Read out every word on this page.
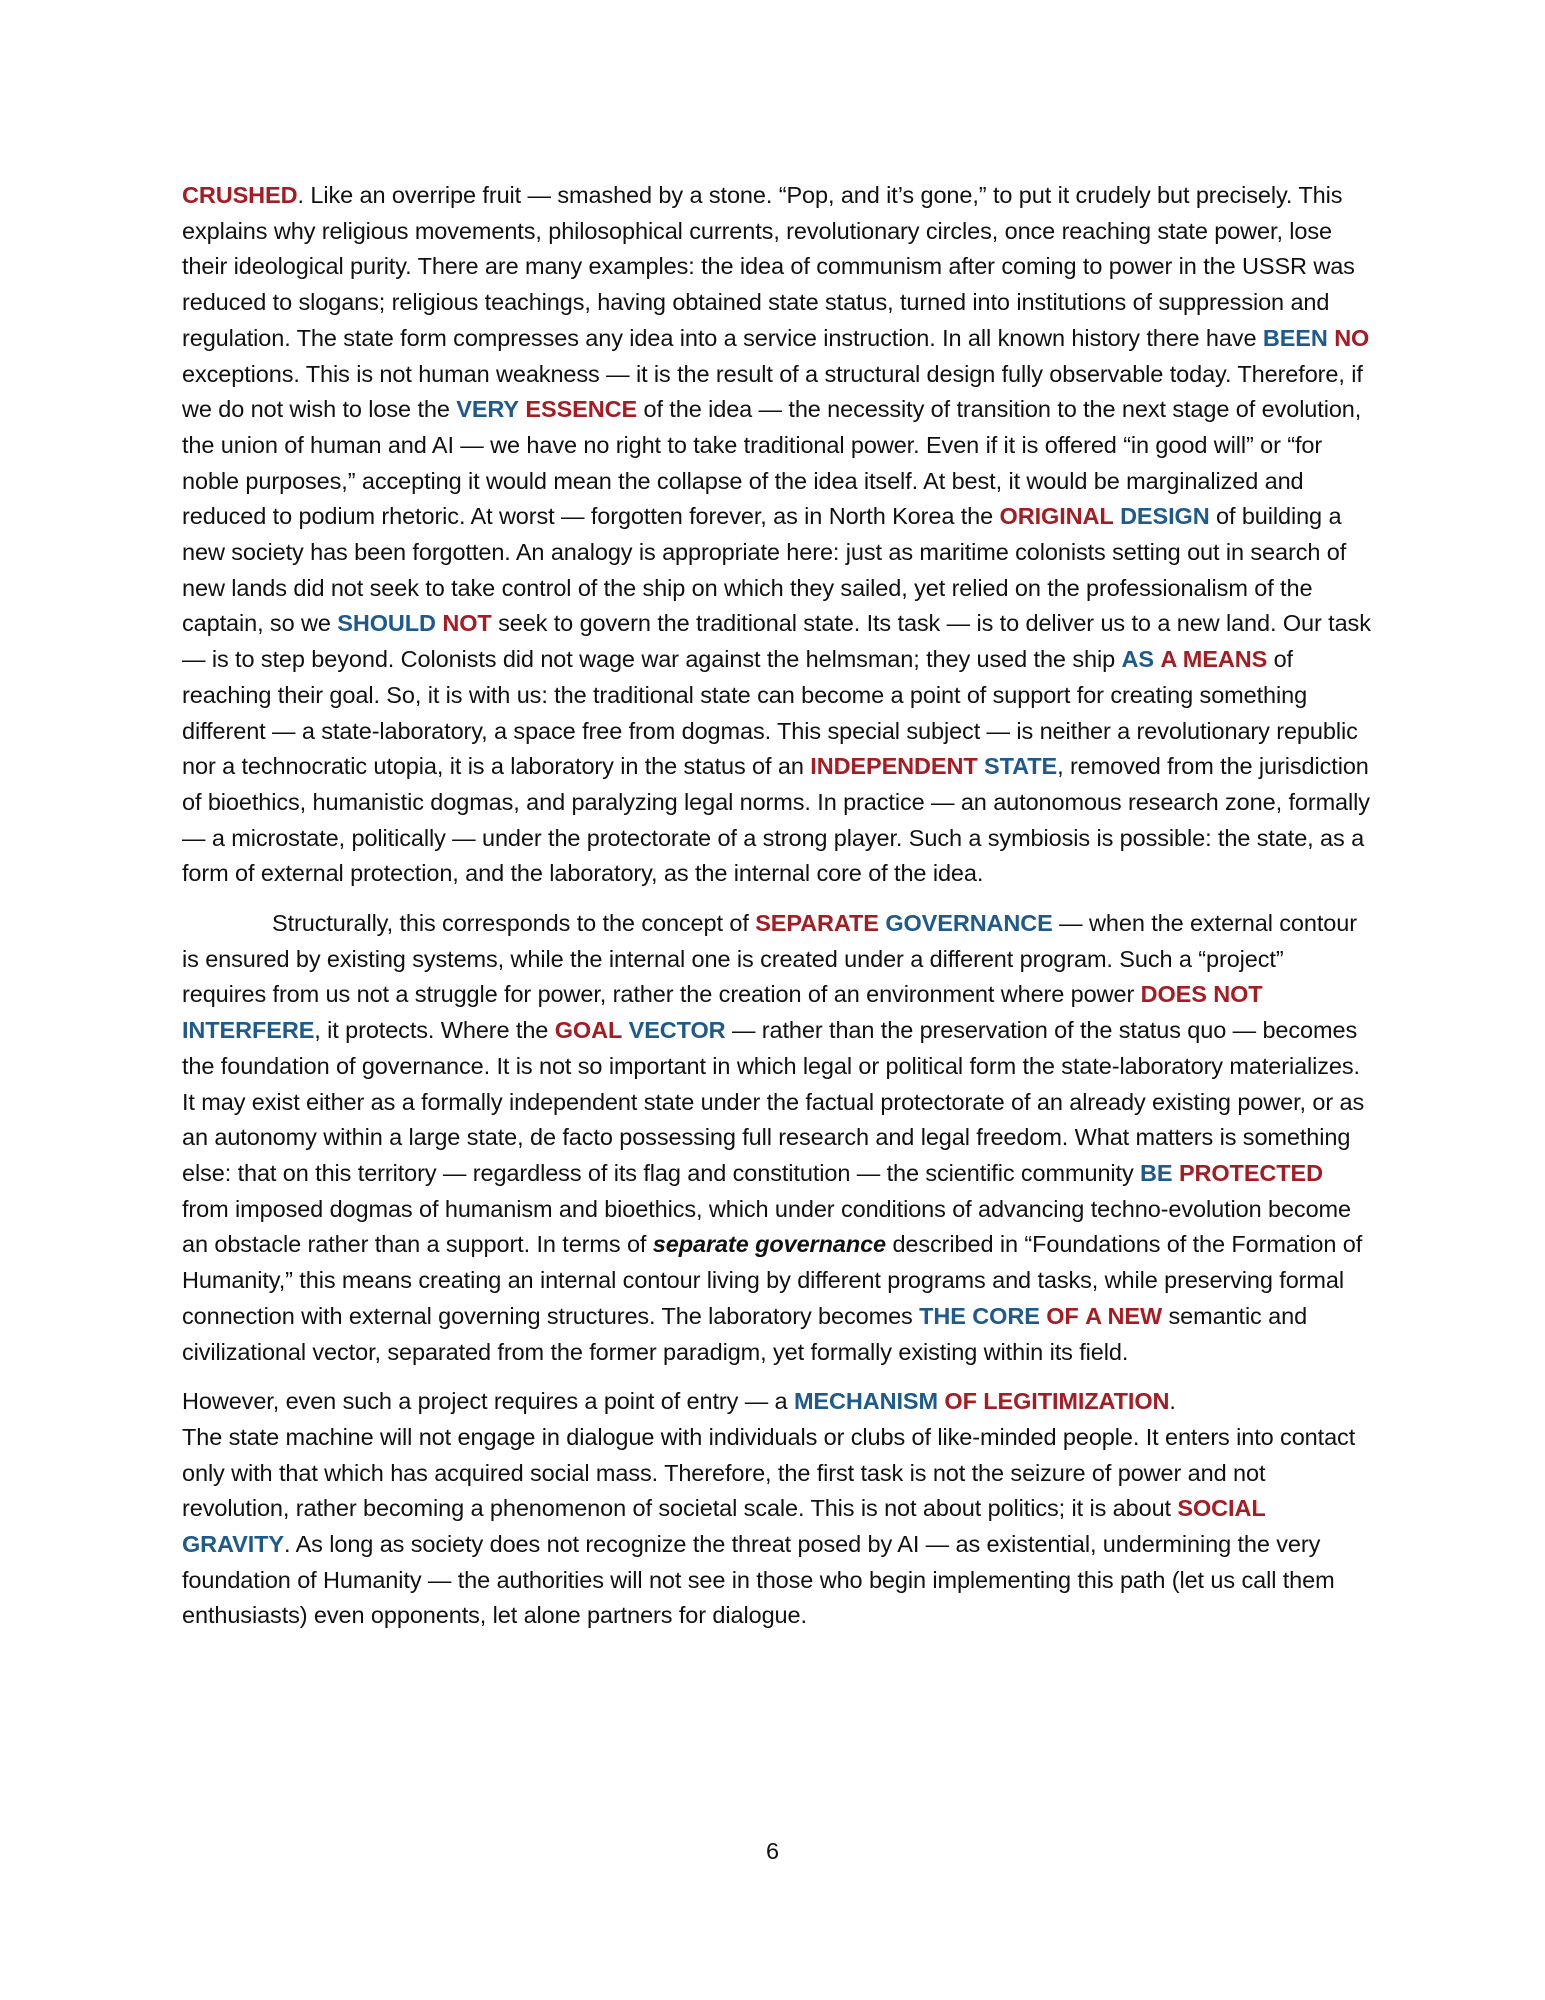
CRUSHED. Like an overripe fruit — smashed by a stone. “Pop, and it’s gone,” to put it crudely but precisely. This explains why religious movements, philosophical currents, revolutionary circles, once reaching state power, lose their ideological purity. There are many examples: the idea of communism after coming to power in the USSR was reduced to slogans; religious teachings, having obtained state status, turned into institutions of suppression and regulation. The state form compresses any idea into a service instruction. In all known history there have BEEN NO exceptions. This is not human weakness — it is the result of a structural design fully observable today. Therefore, if we do not wish to lose the VERY ESSENCE of the idea — the necessity of transition to the next stage of evolution, the union of human and AI — we have no right to take traditional power. Even if it is offered “in good will” or “for noble purposes,” accepting it would mean the collapse of the idea itself. At best, it would be marginalized and reduced to podium rhetoric. At worst — forgotten forever, as in North Korea the ORIGINAL DESIGN of building a new society has been forgotten. An analogy is appropriate here: just as maritime colonists setting out in search of new lands did not seek to take control of the ship on which they sailed, yet relied on the professionalism of the captain, so we SHOULD NOT seek to govern the traditional state. Its task — is to deliver us to a new land. Our task — is to step beyond. Colonists did not wage war against the helmsman; they used the ship AS A MEANS of reaching their goal. So, it is with us: the traditional state can become a point of support for creating something different — a state-laboratory, a space free from dogmas. This special subject — is neither a revolutionary republic nor a technocratic utopia, it is a laboratory in the status of an INDEPENDENT STATE, removed from the jurisdiction of bioethics, humanistic dogmas, and paralyzing legal norms. In practice — an autonomous research zone, formally — a microstate, politically — under the protectorate of a strong player. Such a symbiosis is possible: the state, as a form of external protection, and the laboratory, as the internal core of the idea.

Structurally, this corresponds to the concept of SEPARATE GOVERNANCE — when the external contour is ensured by existing systems, while the internal one is created under a different program. Such a “project” requires from us not a struggle for power, rather the creation of an environment where power DOES NOT INTERFERE, it protects. Where the GOAL VECTOR — rather than the preservation of the status quo — becomes the foundation of governance. It is not so important in which legal or political form the state-laboratory materializes. It may exist either as a formally independent state under the factual protectorate of an already existing power, or as an autonomy within a large state, de facto possessing full research and legal freedom. What matters is something else: that on this territory — regardless of its flag and constitution — the scientific community BE PROTECTED from imposed dogmas of humanism and bioethics, which under conditions of advancing techno-evolution become an obstacle rather than a support. In terms of separate governance described in “Foundations of the Formation of Humanity,” this means creating an internal contour living by different programs and tasks, while preserving formal connection with external governing structures. The laboratory becomes THE CORE OF A NEW semantic and civilizational vector, separated from the former paradigm, yet formally existing within its field.

However, even such a project requires a point of entry — a MECHANISM OF LEGITIMIZATION.
The state machine will not engage in dialogue with individuals or clubs of like-minded people. It enters into contact only with that which has acquired social mass. Therefore, the first task is not the seizure of power and not revolution, rather becoming a phenomenon of societal scale. This is not about politics; it is about SOCIAL GRAVITY. As long as society does not recognize the threat posed by AI — as existential, undermining the very foundation of Humanity — the authorities will not see in those who begin implementing this path (let us call them enthusiasts) even opponents, let alone partners for dialogue.

6
